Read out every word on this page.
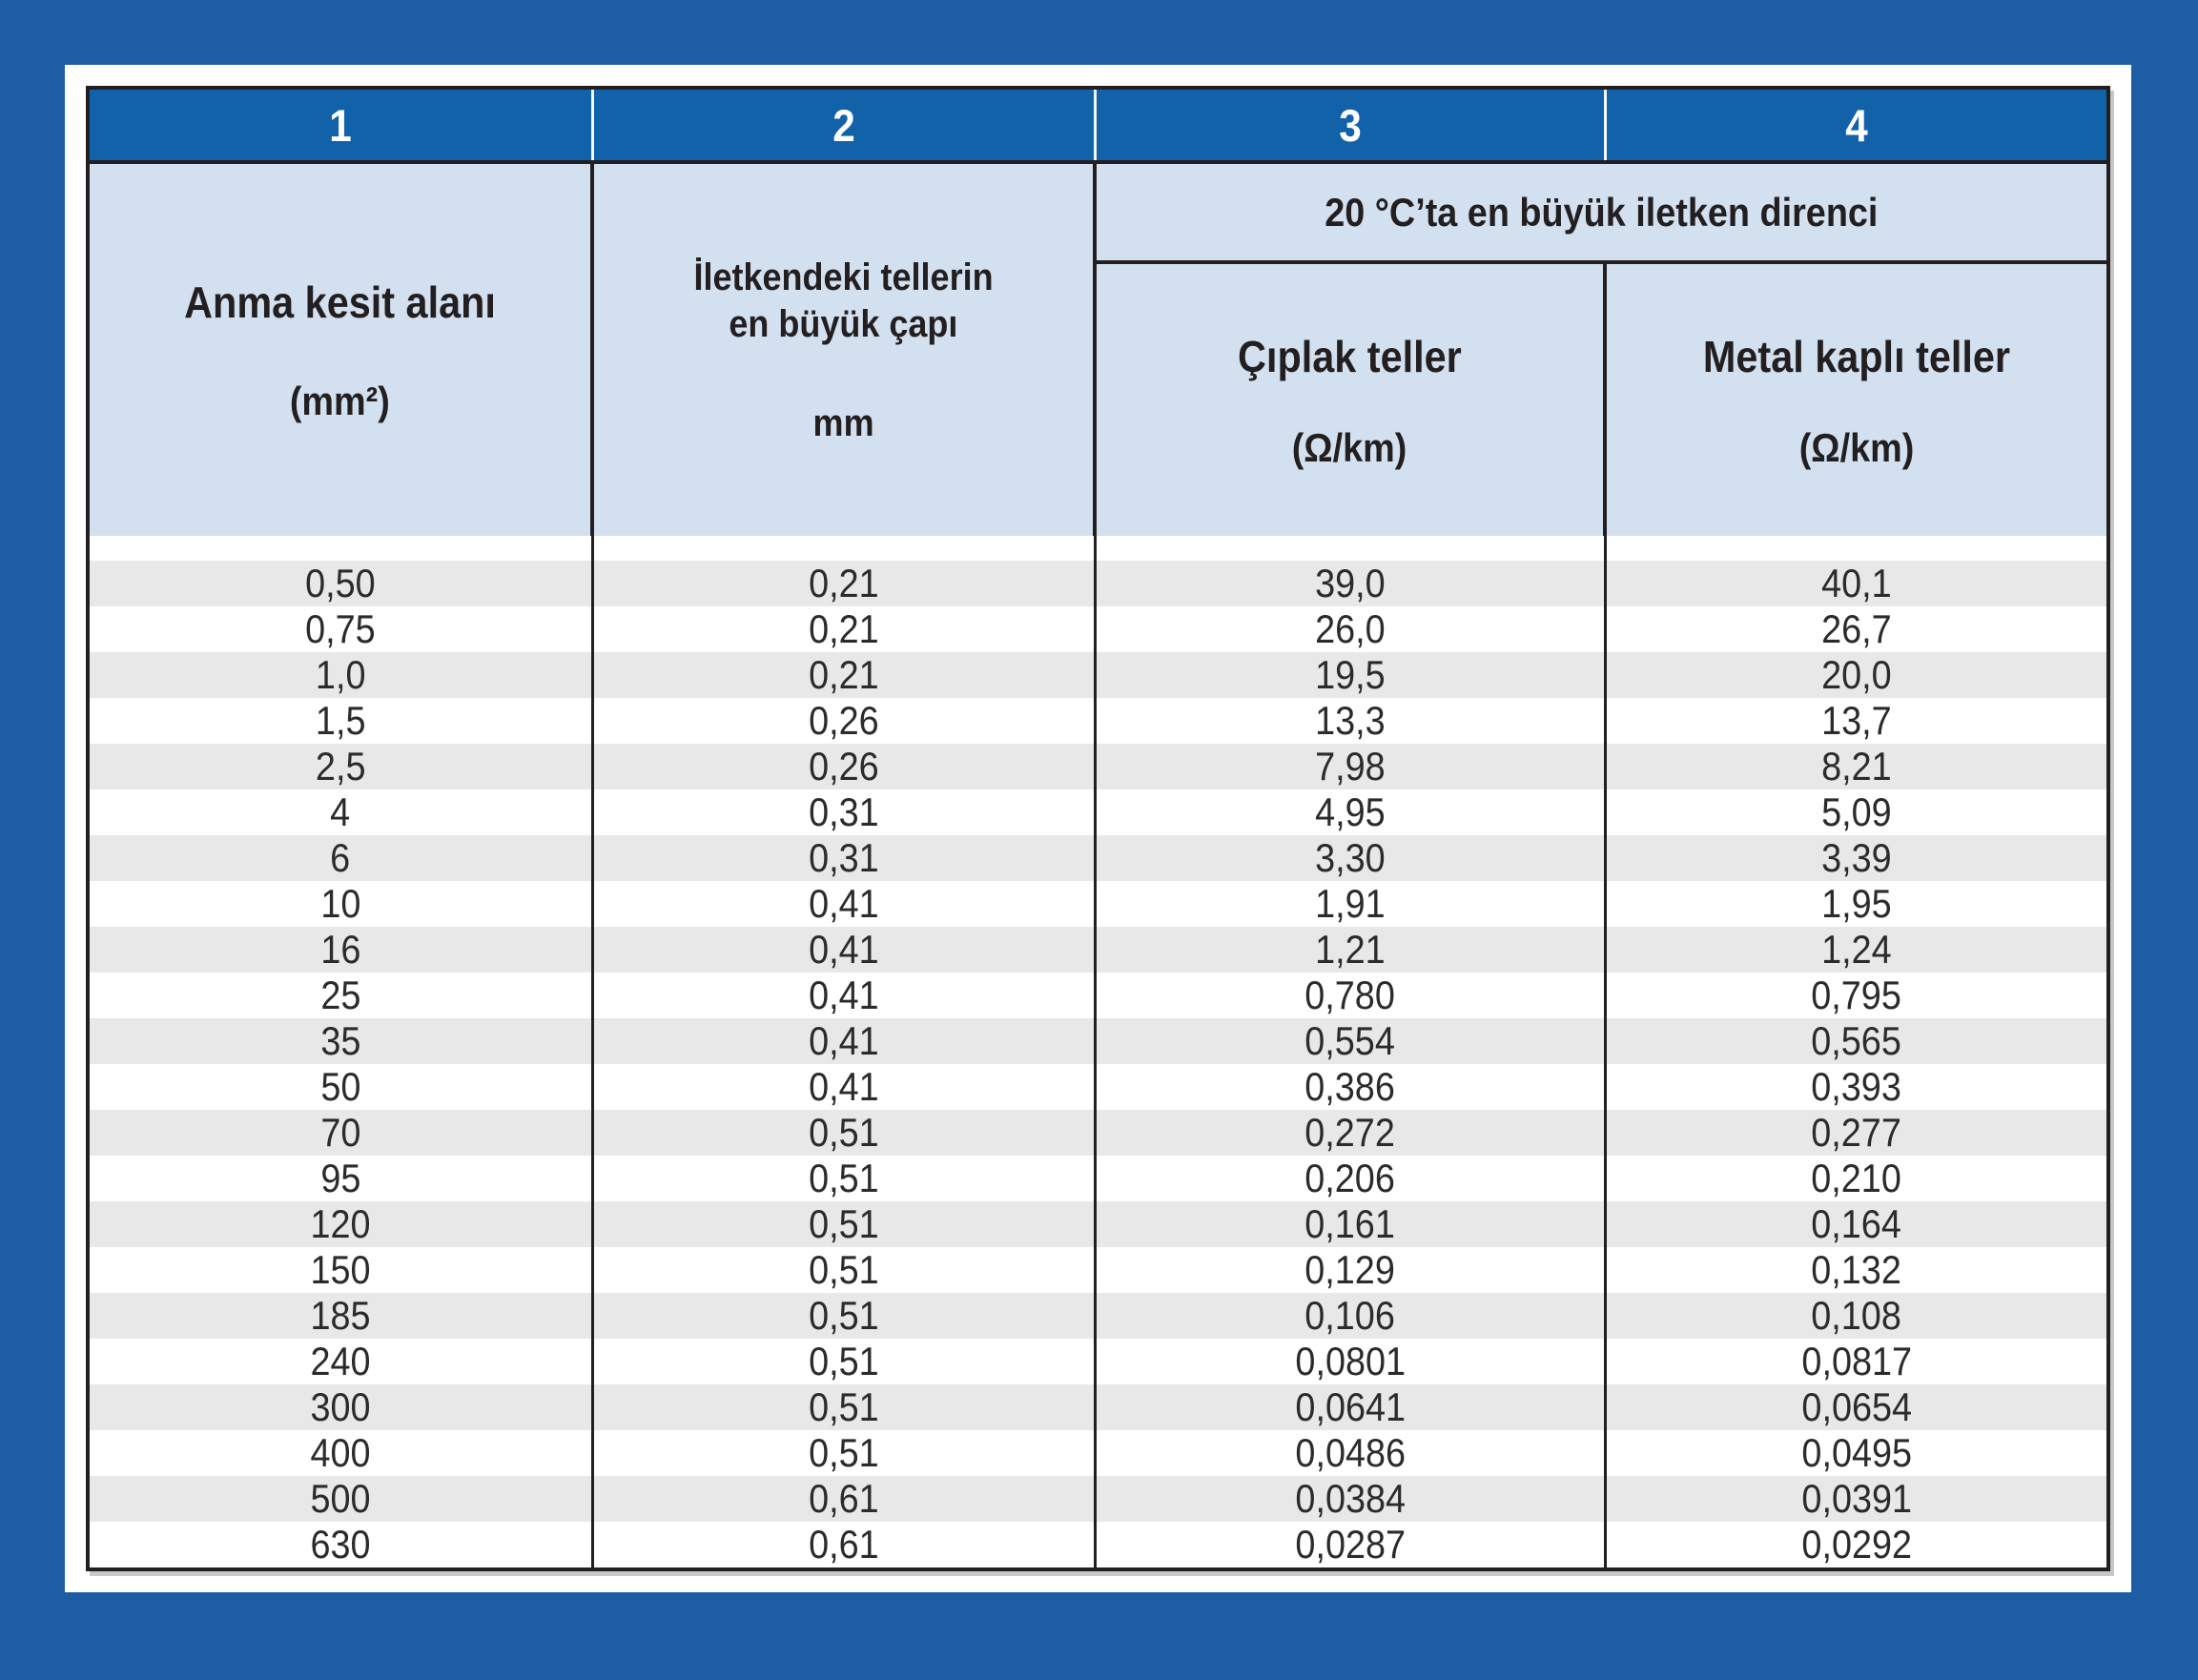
1	2	3	4
Anma kesit alanı
(mm²)
İletkendeki tellerin
en büyük çapı
mm
20 °C’ta en büyük iletken direnci
Çıplak teller
(Ω/km)
Metal kaplı teller
(Ω/km)
0,50	0,21	39,0	40,1
0,75	0,21	26,0	26,7
1,0	0,21	19,5	20,0
1,5	0,26	13,3	13,7
2,5	0,26	7,98	8,21
4	0,31	4,95	5,09
6	0,31	3,30	3,39
10	0,41	1,91	1,95
16	0,41	1,21	1,24
25	0,41	0,780	0,795
35	0,41	0,554	0,565
50	0,41	0,386	0,393
70	0,51	0,272	0,277
95	0,51	0,206	0,210
120	0,51	0,161	0,164
150	0,51	0,129	0,132
185	0,51	0,106	0,108
240	0,51	0,0801	0,0817
300	0,51	0,0641	0,0654
400	0,51	0,0486	0,0495
500	0,61	0,0384	0,0391
630	0,61	0,0287	0,0292
